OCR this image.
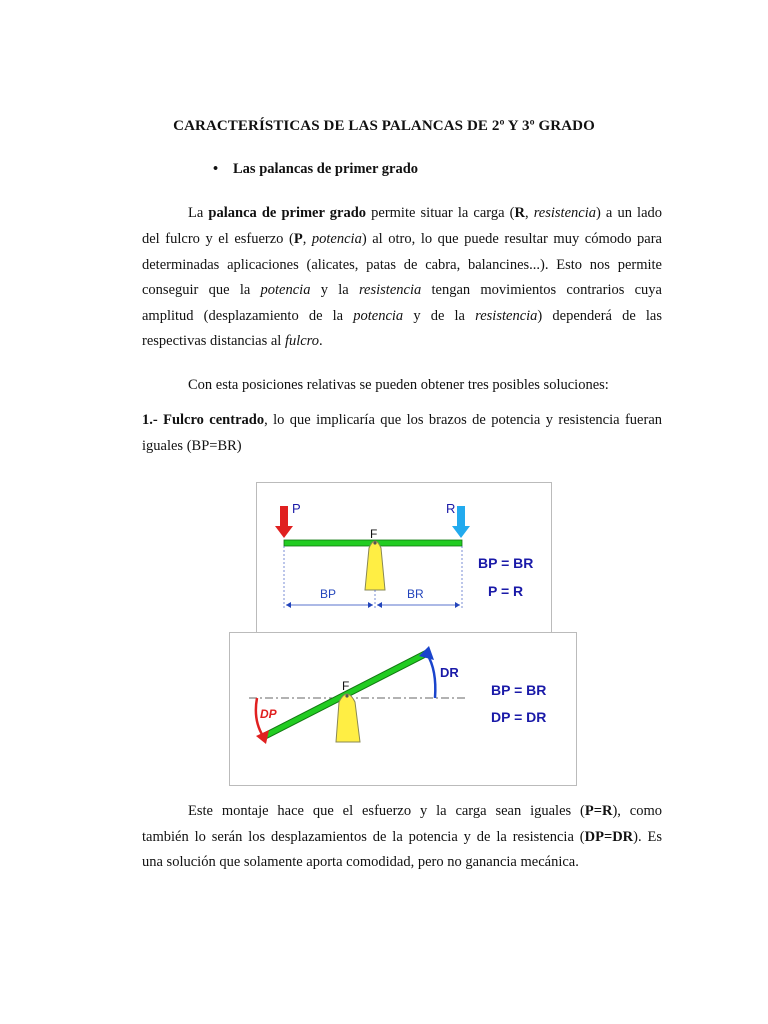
CARACTERÍSTICAS DE LAS PALANCAS DE 2º Y 3º GRADO
• Las palancas de primer grado
La palanca de primer grado permite situar la carga (R, resistencia) a un lado
del fulcro y el esfuerzo (P, potencia) al otro, lo que puede resultar muy cómodo para
determinadas aplicaciones (alicates, patas de cabra, balancines...). Esto nos permite
conseguir que la potencia y la resistencia tengan movimientos contrarios cuya
amplitud (desplazamiento de la potencia y de la resistencia) dependerá de las
respectivas distancias al fulcro.
Con esta posiciones relativas se pueden obtener tres posibles soluciones:
1.- Fulcro centrado, lo que implicaría que los brazos de potencia y resistencia fueran
iguales (BP=BR)
P	R
F
BP	BR
BP = BR
P = R
F
DR
DP
BP = BR
DP = DR
Este montaje hace que el esfuerzo y la carga sean iguales (P=R), como
también lo serán los desplazamientos de la potencia y de la resistencia (DP=DR). Es
una solución que solamente aporta comodidad, pero no ganancia mecánica.
